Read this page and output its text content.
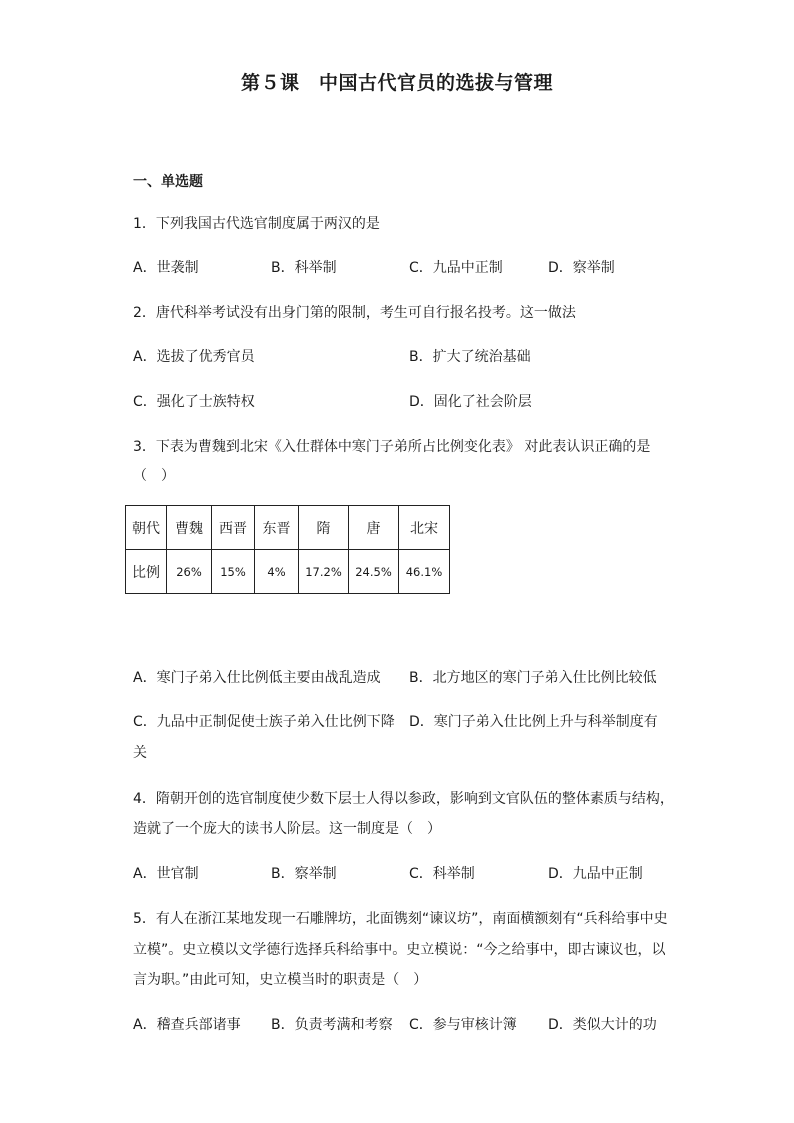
第５课　中国古代官员的选拔与管理
一、单选题
1．下列我国古代选官制度属于两汉的是
A．世袭制	B．科举制	C．九品中正制	D．察举制
2．唐代科举考试没有出身门第的限制，考生可自行报名投考。这一做法
A．选拔了优秀官员	B．扩大了统治基础
C．强化了士族特权	D．固化了社会阶层
3．下表为曹魏到北宋《入仕群体中寒门子弟所占比例变化表》 对此表认识正确的是
（　）
朝代	曹魏	西晋	东晋	隋	唐	北宋
比例	26%	15%	4%	17.2%	24.5%	46.1%
A．寒门子弟入仕比例低主要由战乱造成 B．北方地区的寒门子弟入仕比例比较低
C．九品中正制促使士族子弟入仕比例下降 D．寒门子弟入仕比例上升与科举制度有
关
4．隋朝开创的选官制度使少数下层士人得以参政，影响到文官队伍的整体素质与结构，
造就了一个庞大的读书人阶层。这一制度是（　）
A．世官制	B．察举制	C．科举制	D．九品中正制
5．有人在浙江某地发现一石雕牌坊，北面镌刻“谏议坊”，南面横额刻有“兵科给事中史
立模”。史立模以文学德行选择兵科给事中。史立模说：“今之给事中，即古谏议也，以
言为职。”由此可知，史立模当时的职责是（　）
A．稽查兵部诸事 B．负责考满和考察 C．参与审核计簿 D．类似大计的功
